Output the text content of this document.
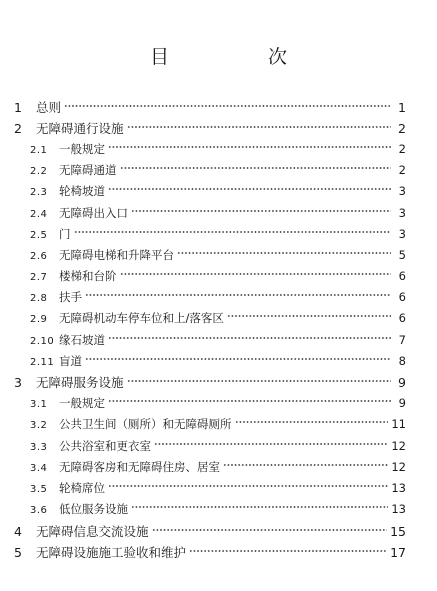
目　次
1	总则	1
2	无障碍通行设施	2
2.1	一般规定	2
2.2	无障碍通道	2
2.3	轮椅坡道	3
2.4	无障碍出入口	3
2.5	门	3
2.6	无障碍电梯和升降平台	5
2.7	楼梯和台阶	6
2.8	扶手	6
2.9	无障碍机动车停车位和上/落客区	6
2.10 缘石坡道	7
2.11 盲道	8
3	无障碍服务设施	9
3.1	一般规定	9
3.2	公共卫生间（厕所）和无障碍厕所	11
3.3	公共浴室和更衣室	12
3.4	无障碍客房和无障碍住房、居室	12
3.5	轮椅席位	13
3.6	低位服务设施	13
4	无障碍信息交流设施	15
5	无障碍设施施工验收和维护	17
